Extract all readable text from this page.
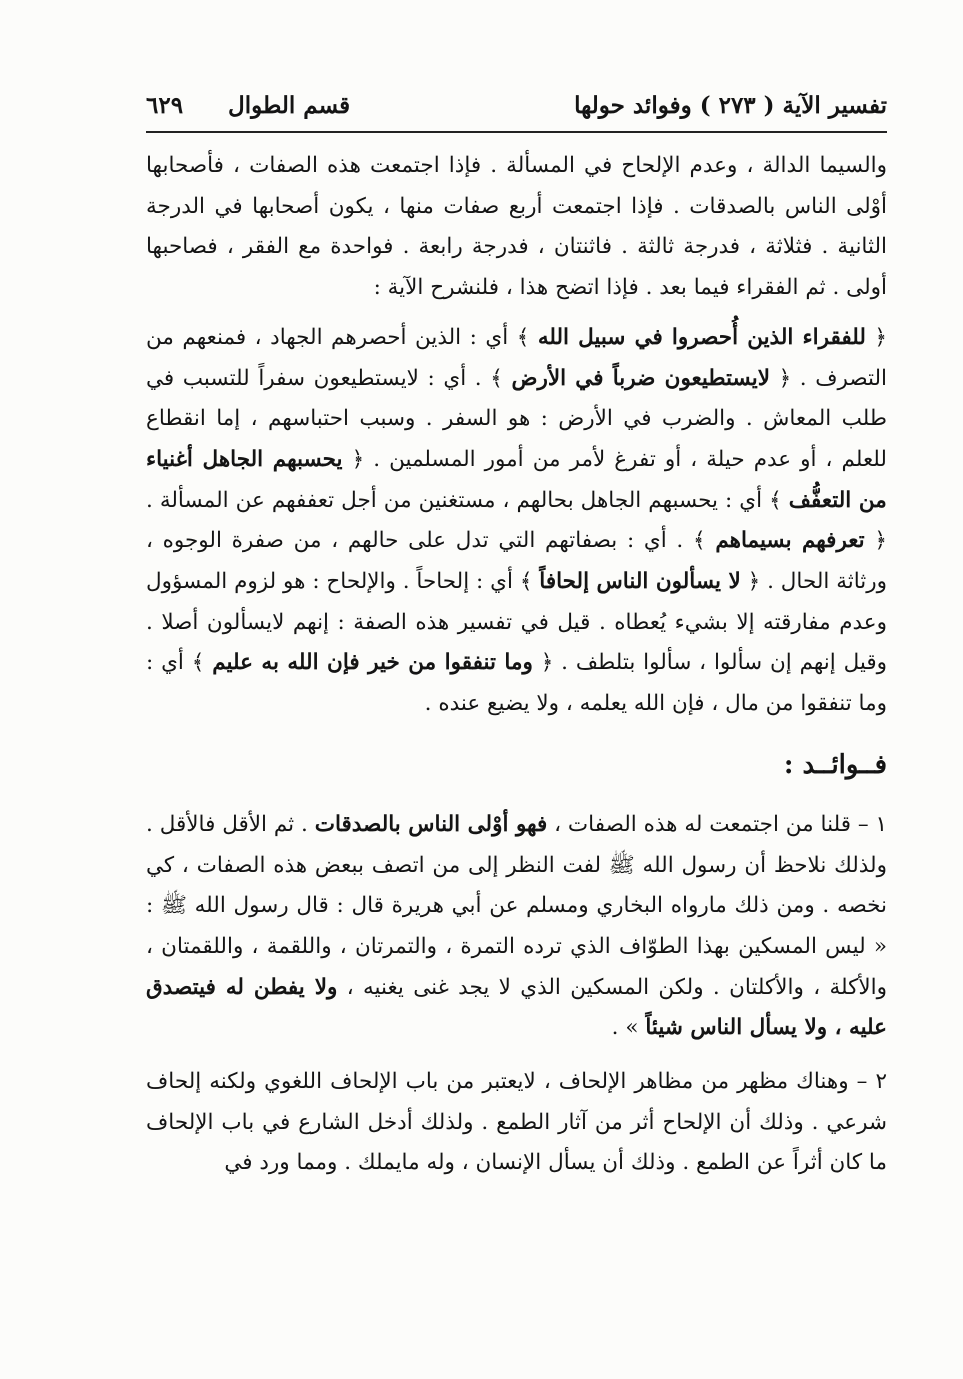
تفسير الآية ( ٢٧٣ ) وفوائد حولها
قسم الطوال
٦٢٩

والسيما الدالة ، وعدم الإلحاح في المسألة . فإذا اجتمعت هذه الصفات ، فأصحابها أوْلى الناس بالصدقات . فإذا اجتمعت أربع صفات منها ، يكون أصحابها في الدرجة الثانية . فثلاثة ، فدرجة ثالثة . فاثنتان ، فدرجة رابعة . فواحدة مع الفقر ، فصاحبها أولى . ثم الفقراء فيما بعد . فإذا اتضح هذا ، فلنشرح الآية :

﴿ للفقراء الذين أُحصروا في سبيل الله ﴾ أي : الذين أحصرهم الجهاد ، فمنعهم من التصرف . ﴿ لايستطيعون ضرباً في الأرض ﴾ . أي : لايستطيعون سفراً للتسبب في طلب المعاش . والضرب في الأرض : هو السفر . وسبب احتباسهم ، إما انقطاع للعلم ، أو عدم حيلة ، أو تفرغ لأمر من أمور المسلمين . ﴿ يحسبهم الجاهل أغنياء من التعفُّف ﴾ أي : يحسبهم الجاهل بحالهم ، مستغنين من أجل تعففهم عن المسألة . ﴿ تعرفهم بسيماهم ﴾ . أي : بصفاتهم التي تدل على حالهم ، من صفرة الوجوه ، ورثاثة الحال . ﴿ لا يسألون الناس إلحافاً ﴾ أي : إلحاحاً . والإلحاح : هو لزوم المسؤول وعدم مفارقته إلا بشيء يُعطاه . قيل في تفسير هذه الصفة : إنهم لايسألون أصلا . وقيل إنهم إن سألوا ، سألوا بتلطف . ﴿ وما تنفقوا من خير فإن الله به عليم ﴾ أي : وما تنفقوا من مال ، فإن الله يعلمه ، ولا يضيع عنده .

فــوائــد :

١ – قلنا من اجتمعت له هذه الصفات ، فهو أوْلى الناس بالصدقات . ثم الأقل فالأقل . ولذلك نلاحظ أن رسول الله ﷺ لفت النظر إلى من اتصف ببعض هذه الصفات ، كي نخصه . ومن ذلك مارواه البخاري ومسلم عن أبي هريرة قال : قال رسول الله ﷺ : « ليس المسكين بهذا الطوّاف الذي ترده التمرة ، والتمرتان ، واللقمة ، واللقمتان ، والأكلة ، والأكلتان . ولكن المسكين الذي لا يجد غنى يغنيه ، ولا يفطن له فيتصدق عليه ، ولا يسأل الناس شيئاً » .

٢ – وهناك مظهر من مظاهر الإلحاف ، لايعتبر من باب الإلحاف اللغوي ولكنه إلحاف شرعي . وذلك أن الإلحاح أثر من آثار الطمع . ولذلك أدخل الشارع في باب الإلحاف ما كان أثراً عن الطمع . وذلك أن يسأل الإنسان ، وله مايملك . ومما ورد في
